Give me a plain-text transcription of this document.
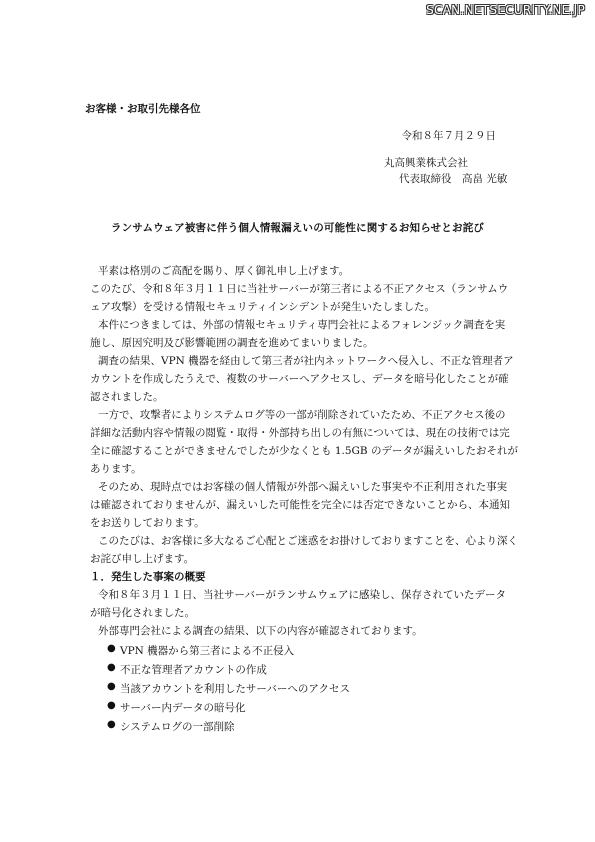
SCAN.NETSECURITY.NE.JP
お客様・お取引先様各位
令和８年７月２９日
丸高興業株式会社
代表取締役　高畠 光敏
ランサムウェア被害に伴う個人情報漏えいの可能性に関するお知らせとお詫び
平素は格別のご高配を賜り、厚く御礼申し上げます。
このたび、令和８年３月１１日に当社サーバーが第三者による不正アクセス（ランサムウ
ェア攻撃）を受ける情報セキュリティインシデントが発生いたしました。
本件につきましては、外部の情報セキュリティ専門会社によるフォレンジック調査を実
施し、原因究明及び影響範囲の調査を進めてまいりました。
調査の結果、VPN 機器を経由して第三者が社内ネットワークへ侵入し、不正な管理者ア
カウントを作成したうえで、複数のサーバーへアクセスし、データを暗号化したことが確
認されました。
一方で、攻撃者によりシステムログ等の一部が削除されていたため、不正アクセス後の
詳細な活動内容や情報の閲覧・取得・外部持ち出しの有無については、現在の技術では完
全に確認することができませんでしたが少なくとも 1.5GB のデータが漏えいしたおそれが
あります。
そのため、現時点ではお客様の個人情報が外部へ漏えいした事実や不正利用された事実
は確認されておりませんが、漏えいした可能性を完全には否定できないことから、本通知
をお送りしております。
このたびは、お客様に多大なるご心配とご迷惑をお掛けしておりますことを、心より深く
お詫び申し上げます。
１．発生した事案の概要
令和８年３月１１日、当社サーバーがランサムウェアに感染し、保存されていたデータ
が暗号化されました。
外部専門会社による調査の結果、以下の内容が確認されております。
● VPN 機器から第三者による不正侵入
● 不正な管理者アカウントの作成
● 当該アカウントを利用したサーバーへのアクセス
● サーバー内データの暗号化
● システムログの一部削除
